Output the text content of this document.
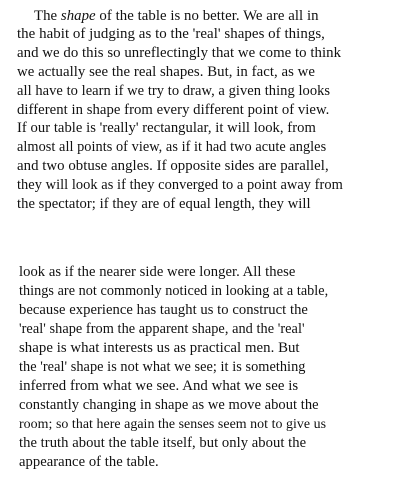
The shape of the table is no better. We are all in
the habit of judging as to the 'real' shapes of things,
and we do this so unreflectingly that we come to think
we actually see the real shapes. But, in fact, as we
all have to learn if we try to draw, a given thing looks
different in shape from every different point of view.
If our table is 'really' rectangular, it will look, from
almost all points of view, as if it had two acute angles
and two obtuse angles. If opposite sides are parallel,
they will look as if they converged to a point away from
the spectator; if they are of equal length, they will
look as if the nearer side were longer. All these
things are not commonly noticed in looking at a table,
because experience has taught us to construct the
'real' shape from the apparent shape, and the 'real'
shape is what interests us as practical men. But
the 'real' shape is not what we see; it is something
inferred from what we see. And what we see is
constantly changing in shape as we move about the
room; so that here again the senses seem not to give us
the truth about the table itself, but only about the
appearance of the table.
